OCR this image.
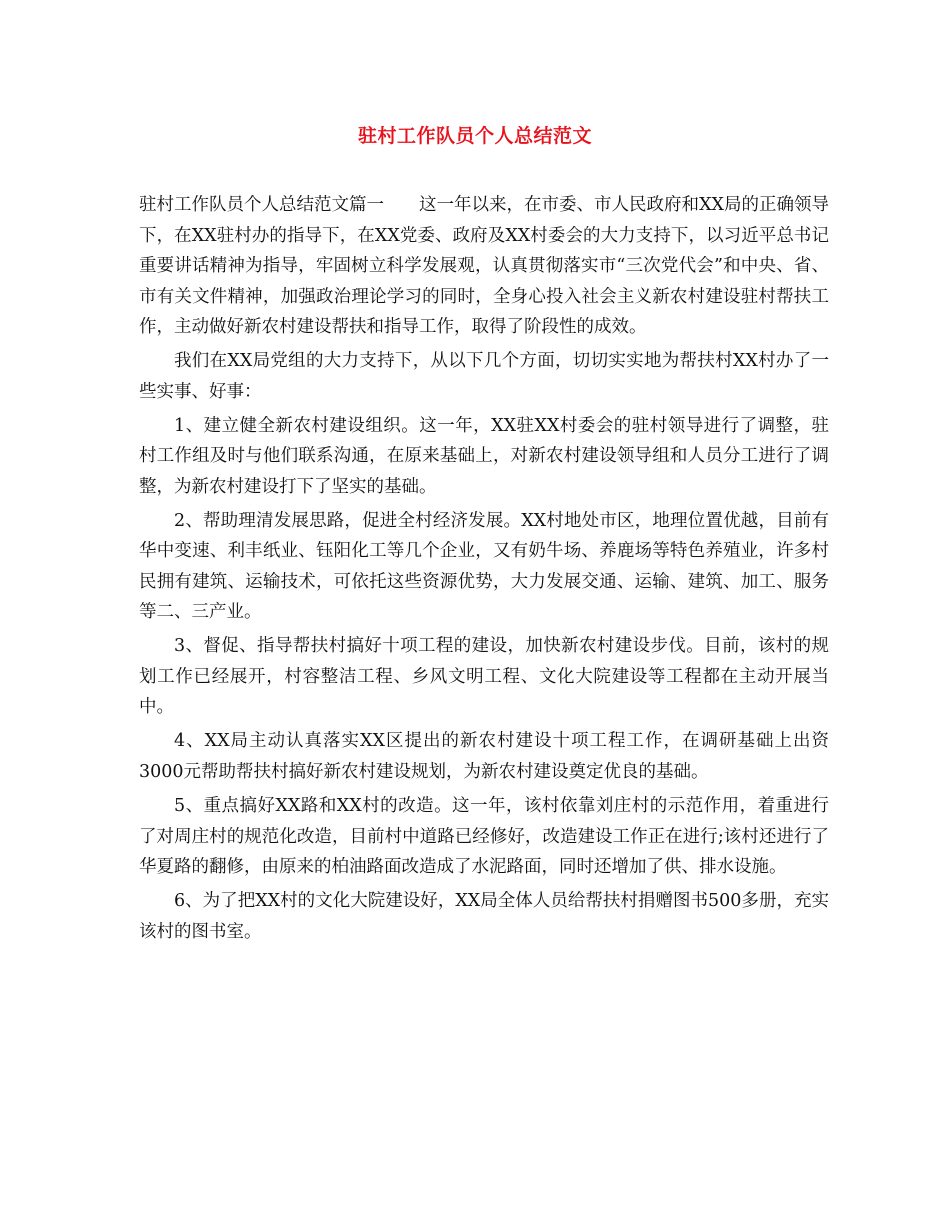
驻村工作队员个人总结范文

驻村工作队员个人总结范文篇一　　这一年以来，在市委、市人民政府和XX局的正确领导下，在XX驻村办的指导下，在XX党委、政府及XX村委会的大力支持下，以习近平总书记重要讲话精神为指导，牢固树立科学发展观，认真贯彻落实市“三次党代会”和中央、省、市有关文件精神，加强政治理论学习的同时，全身心投入社会主义新农村建设驻村帮扶工作，主动做好新农村建设帮扶和指导工作，取得了阶段性的成效。

我们在XX局党组的大力支持下，从以下几个方面，切切实实地为帮扶村XX村办了一些实事、好事：

1、建立健全新农村建设组织。这一年，XX驻XX村委会的驻村领导进行了调整，驻村工作组及时与他们联系沟通，在原来基础上，对新农村建设领导组和人员分工进行了调整，为新农村建设打下了坚实的基础。

2、帮助理清发展思路，促进全村经济发展。XX村地处市区，地理位置优越，目前有华中变速、利丰纸业、钰阳化工等几个企业，又有奶牛场、养鹿场等特色养殖业，许多村民拥有建筑、运输技术，可依托这些资源优势，大力发展交通、运输、建筑、加工、服务等二、三产业。

3、督促、指导帮扶村搞好十项工程的建设，加快新农村建设步伐。目前，该村的规划工作已经展开，村容整洁工程、乡风文明工程、文化大院建设等工程都在主动开展当中。

4、XX局主动认真落实XX区提出的新农村建设十项工程工作，在调研基础上出资3000元帮助帮扶村搞好新农村建设规划，为新农村建设奠定优良的基础。

5、重点搞好XX路和XX村的改造。这一年，该村依靠刘庄村的示范作用，着重进行了对周庄村的规范化改造，目前村中道路已经修好，改造建设工作正在进行;该村还进行了华夏路的翻修，由原来的柏油路面改造成了水泥路面，同时还增加了供、排水设施。

6、为了把XX村的文化大院建设好，XX局全体人员给帮扶村捐赠图书500多册，充实该村的图书室。
